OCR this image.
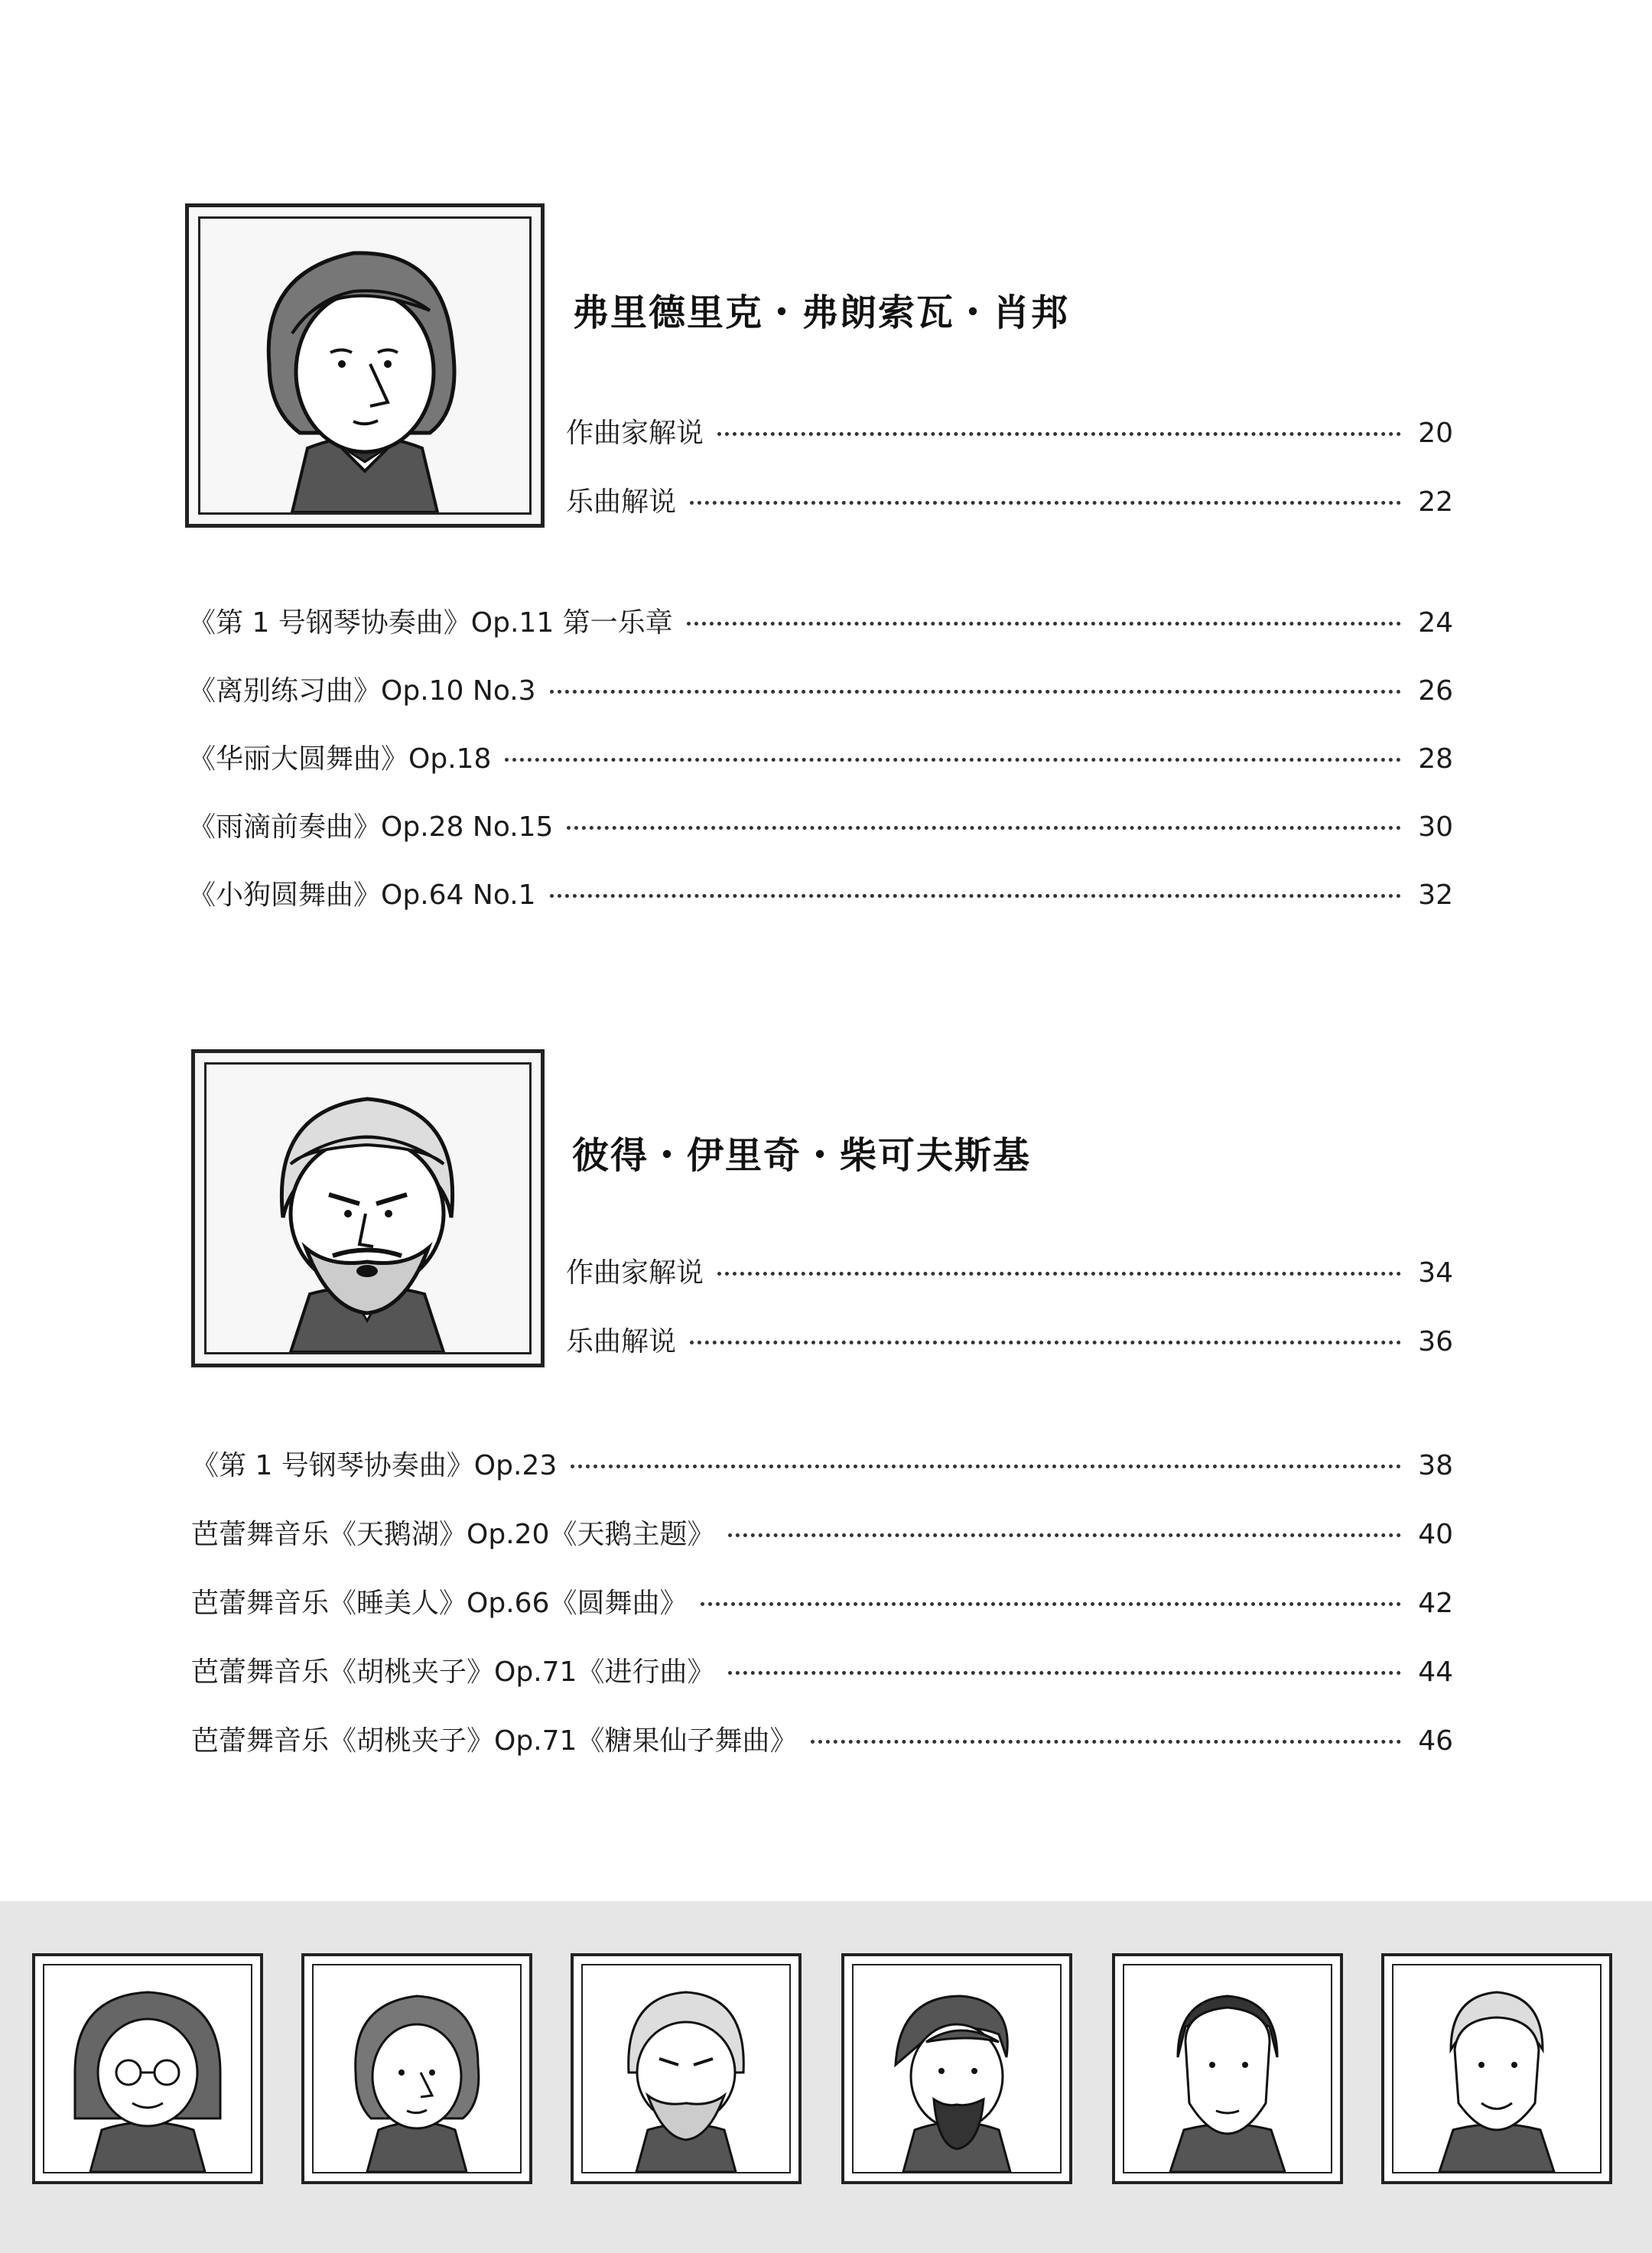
弗里德里克・弗朗索瓦・肖邦
作曲家解说	20
乐曲解说	22
《第 1 号钢琴协奏曲》Op.11 第一乐章	24
《离别练习曲》Op.10 No.3	26
《华丽大圆舞曲》Op.18	28
《雨滴前奏曲》Op.28 No.15	30
《小狗圆舞曲》Op.64 No.1	32
彼得・伊里奇・柴可夫斯基
作曲家解说	34
乐曲解说	36
《第 1 号钢琴协奏曲》Op.23	38
芭蕾舞音乐《天鹅湖》Op.20《天鹅主题》	40
芭蕾舞音乐《睡美人》Op.66《圆舞曲》	42
芭蕾舞音乐《胡桃夹子》Op.71《进行曲》	44
芭蕾舞音乐《胡桃夹子》Op.71《糖果仙子舞曲》	46
